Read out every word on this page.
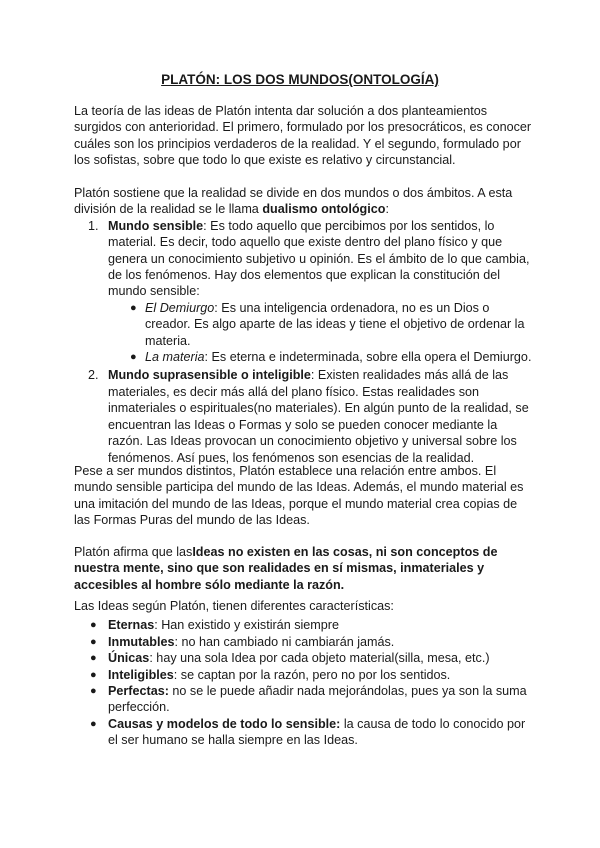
PLATÓN: LOS DOS MUNDOS(ONTOLOGÍA)

La teoría de las ideas de Platón intenta dar solución a dos planteamientos surgidos con anterioridad. El primero, formulado por los presocráticos, es conocer cuáles son los principios verdaderos de la realidad. Y el segundo, formulado por los sofistas, sobre que todo lo que existe es relativo y circunstancial.

Platón sostiene que la realidad se divide en dos mundos o dos ámbitos. A esta división de la realidad se le llama dualismo ontológico:

1. Mundo sensible: Es todo aquello que percibimos por los sentidos, lo material. Es decir, todo aquello que existe dentro del plano físico y que genera un conocimiento subjetivo u opinión. Es el ámbito de lo que cambia, de los fenómenos. Hay dos elementos que explican la constitución del mundo sensible:
● El Demiurgo: Es una inteligencia ordenadora, no es un Dios o creador. Es algo aparte de las ideas y tiene el objetivo de ordenar la materia.
● La materia: Es eterna e indeterminada, sobre ella opera el Demiurgo.
2. Mundo suprasensible o inteligible: Existen realidades más allá de las materiales, es decir más allá del plano físico. Estas realidades son inmateriales o espirituales(no materiales). En algún punto de la realidad, se encuentran las Ideas o Formas y solo se pueden conocer mediante la razón. Las Ideas provocan un conocimiento objetivo y universal sobre los fenómenos. Así pues, los fenómenos son esencias de la realidad.

Pese a ser mundos distintos, Platón establece una relación entre ambos. El mundo sensible participa del mundo de las Ideas. Además, el mundo material es una imitación del mundo de las Ideas, porque el mundo material crea copias de las Formas Puras del mundo de las Ideas.

Platón afirma que lasIdeas no existen en las cosas, ni son conceptos de nuestra mente, sino que son realidades en sí mismas, inmateriales y accesibles al hombre sólo mediante la razón.

Las Ideas según Platón, tienen diferentes características:

● Eternas: Han existido y existirán siempre
● Inmutables: no han cambiado ni cambiarán jamás.
● Únicas: hay una sola Idea por cada objeto material(silla, mesa, etc.)
● Inteligibles: se captan por la razón, pero no por los sentidos.
● Perfectas: no se le puede añadir nada mejorándolas, pues ya son la suma perfección.
● Causas y modelos de todo lo sensible: la causa de todo lo conocido por el ser humano se halla siempre en las Ideas.
